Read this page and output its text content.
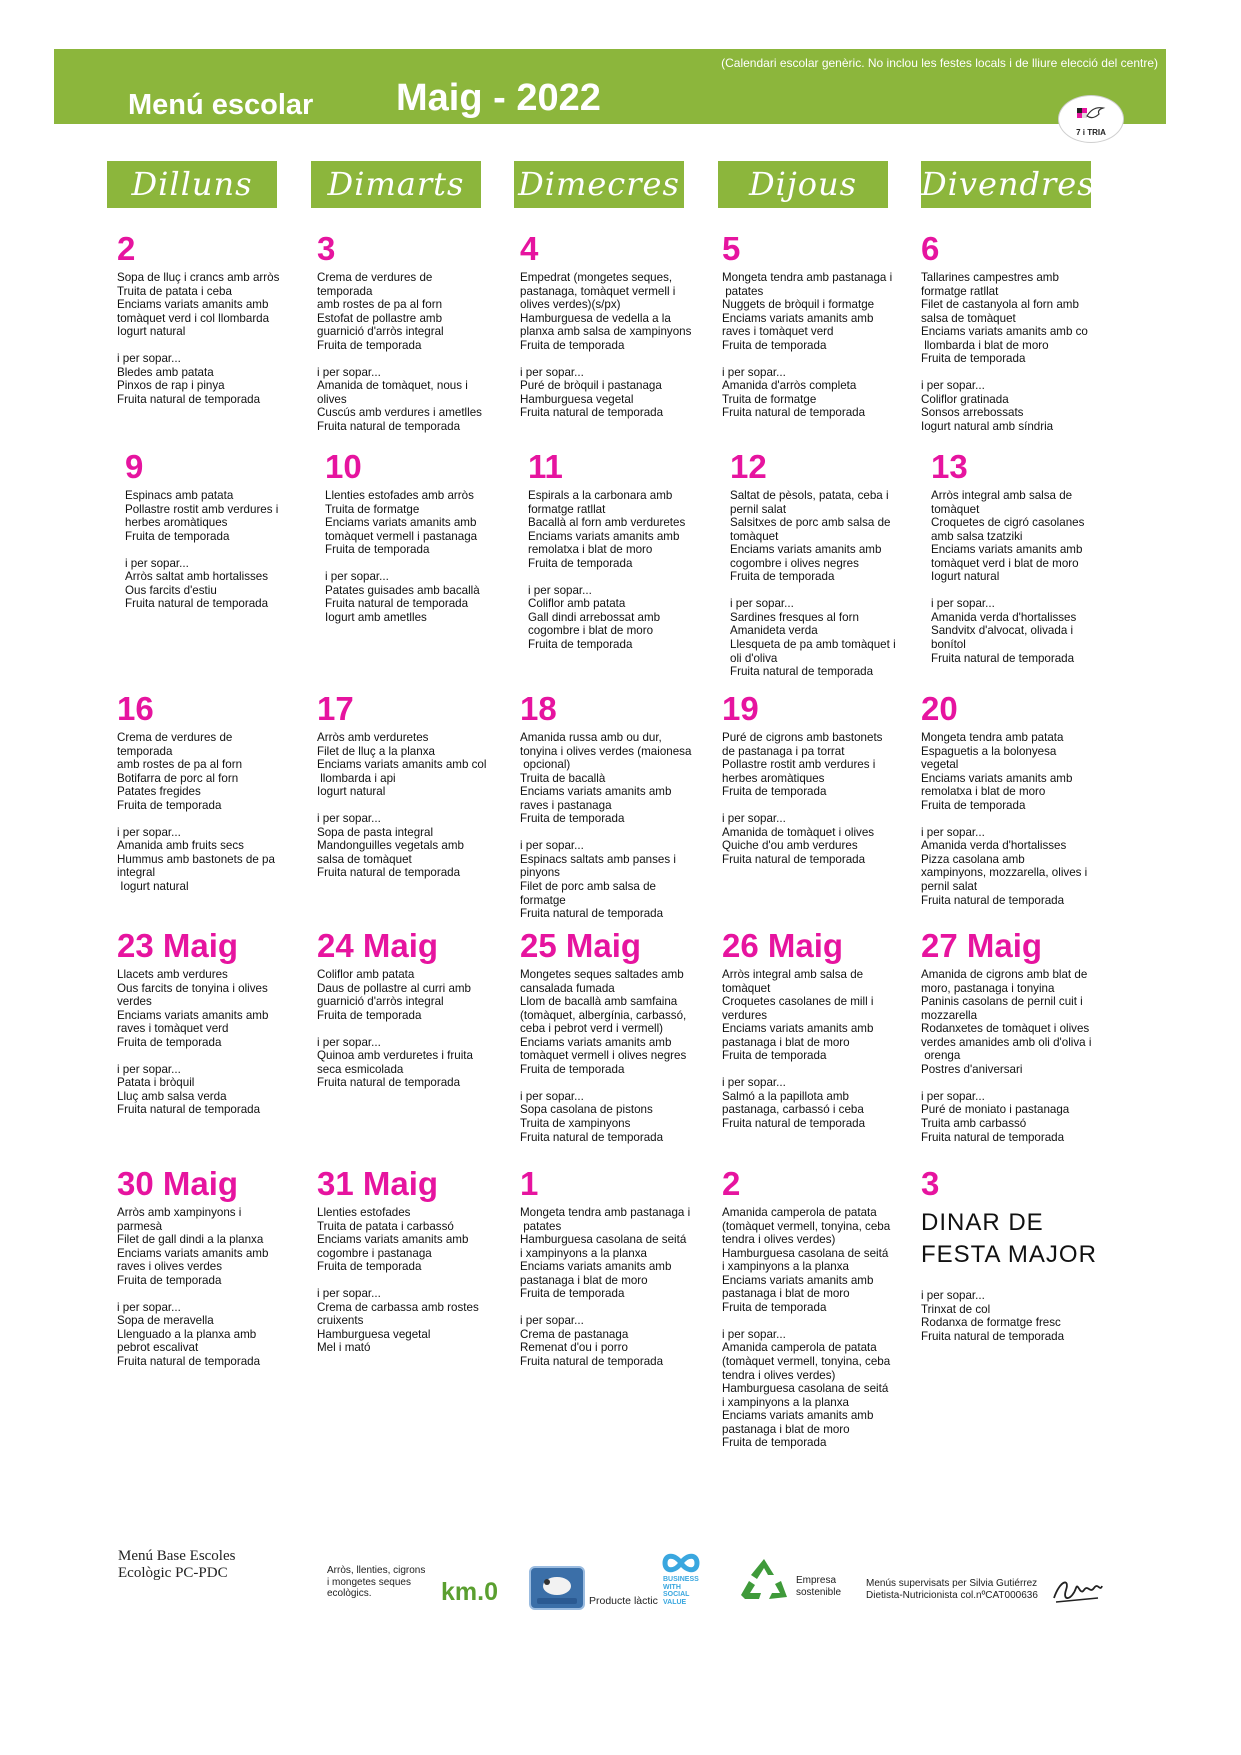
(Calendari escolar genèric. No inclou les festes locals i de lliure elecció del centre)
Menú escolar Maig - 2022
7 i TRIA
Dilluns	Dimarts	Dimecres	Dijous	Divendres
2
Sopa de lluç i crancs amb arròs
Truita de patata i ceba
Enciams variats amanits amb
tomàquet verd i col llombarda
Iogurt natural
i per sopar...
Bledes amb patata
Pinxos de rap i pinya
Fruita natural de temporada
3
Crema de verdures de
temporada
amb rostes de pa al forn
Estofat de pollastre amb
guarnició d'arròs integral
Fruita de temporada
i per sopar...
Amanida de tomàquet, nous i
olives
Cuscús amb verdures i ametlles
Fruita natural de temporada
4
Empedrat (mongetes seques,
pastanaga, tomàquet vermell i
olives verdes)(s/px)
Hamburguesa de vedella a la
planxa amb salsa de xampinyons
Fruita de temporada
i per sopar...
Puré de bròquil i pastanaga
Hamburguesa vegetal
Fruita natural de temporada
5
Mongeta tendra amb pastanaga i
patates
Nuggets de bròquil i formatge
Enciams variats amanits amb
raves i tomàquet verd
Fruita de temporada
i per sopar...
Amanida d'arròs completa
Truita de formatge
Fruita natural de temporada
6
Tallarines campestres amb
formatge ratllat
Filet de castanyola al forn amb
salsa de tomàquet
Enciams variats amanits amb co
llombarda i blat de moro
Fruita de temporada
i per sopar...
Coliflor gratinada
Sonsos arrebossats
Iogurt natural amb síndria
9
Espinacs amb patata
Pollastre rostit amb verdures i
herbes aromàtiques
Fruita de temporada
i per sopar...
Arròs saltat amb hortalisses
Ous farcits d'estiu
Fruita natural de temporada
10
Llenties estofades amb arròs
Truita de formatge
Enciams variats amanits amb
tomàquet vermell i pastanaga
Fruita de temporada
i per sopar...
Patates guisades amb bacallà
Fruita natural de temporada
Iogurt amb ametlles
11
Espirals a la carbonara amb
formatge ratllat
Bacallà al forn amb verduretes
Enciams variats amanits amb
remolatxa i blat de moro
Fruita de temporada
i per sopar...
Coliflor amb patata
Gall dindi arrebossat amb
cogombre i blat de moro
Fruita de temporada
12
Saltat de pèsols, patata, ceba i
pernil salat
Salsitxes de porc amb salsa de
tomàquet
Enciams variats amanits amb
cogombre i olives negres
Fruita de temporada
i per sopar...
Sardines fresques al forn
Amanideta verda
Llesqueta de pa amb tomàquet i
oli d'oliva
Fruita natural de temporada
13
Arròs integral amb salsa de
tomàquet
Croquetes de cigró casolanes
amb salsa tzatziki
Enciams variats amanits amb
tomàquet verd i blat de moro
Iogurt natural
i per sopar...
Amanida verda d'hortalisses
Sandvitx d'alvocat, olivada i
bonítol
Fruita natural de temporada
16
Crema de verdures de
temporada
amb rostes de pa al forn
Botifarra de porc al forn
Patates fregides
Fruita de temporada
i per sopar...
Amanida amb fruits secs
Hummus amb bastonets de pa
integral
Iogurt natural
17
Arròs amb verduretes
Filet de lluç a la planxa
Enciams variats amanits amb col
llombarda i api
Iogurt natural
i per sopar...
Sopa de pasta integral
Mandonguilles vegetals amb
salsa de tomàquet
Fruita natural de temporada
18
Amanida russa amb ou dur,
tonyina i olives verdes (maionesa
opcional)
Truita de bacallà
Enciams variats amanits amb
raves i pastanaga
Fruita de temporada
i per sopar...
Espinacs saltats amb panses i
pinyons
Filet de porc amb salsa de
formatge
Fruita natural de temporada
19
Puré de cigrons amb bastonets
de pastanaga i pa torrat
Pollastre rostit amb verdures i
herbes aromàtiques
Fruita de temporada
i per sopar...
Amanida de tomàquet i olives
Quiche d'ou amb verdures
Fruita natural de temporada
20
Mongeta tendra amb patata
Espaguetis a la bolonyesa
vegetal
Enciams variats amanits amb
remolatxa i blat de moro
Fruita de temporada
i per sopar...
Amanida verda d'hortalisses
Pizza casolana amb
xampinyons, mozzarella, olives i
pernil salat
Fruita natural de temporada
23 Maig
Llacets amb verdures
Ous farcits de tonyina i olives
verdes
Enciams variats amanits amb
raves i tomàquet verd
Fruita de temporada
i per sopar...
Patata i bròquil
Lluç amb salsa verda
Fruita natural de temporada
24 Maig
Coliflor amb patata
Daus de pollastre al curri amb
guarnició d'arròs integral
Fruita de temporada
i per sopar...
Quinoa amb verduretes i fruita
seca esmicolada
Fruita natural de temporada
25 Maig
Mongetes seques saltades amb
cansalada fumada
Llom de bacallà amb samfaina
(tomàquet, albergínia, carbassó,
ceba i pebrot verd i vermell)
Enciams variats amanits amb
tomàquet vermell i olives negres
Fruita de temporada
i per sopar...
Sopa casolana de pistons
Truita de xampinyons
Fruita natural de temporada
26 Maig
Arròs integral amb salsa de
tomàquet
Croquetes casolanes de mill i
verdures
Enciams variats amanits amb
pastanaga i blat de moro
Fruita de temporada
i per sopar...
Salmó a la papillota amb
pastanaga, carbassó i ceba
Fruita natural de temporada
27 Maig
Amanida de cigrons amb blat de
moro, pastanaga i tonyina
Paninis casolans de pernil cuit i
mozzarella
Rodanxetes de tomàquet i olives
verdes amanides amb oli d'oliva i
orenga
Postres d'aniversari
i per sopar...
Puré de moniato i pastanaga
Truita amb carbassó
Fruita natural de temporada
30 Maig
Arròs amb xampinyons i
parmesà
Filet de gall dindi a la planxa
Enciams variats amanits amb
raves i olives verdes
Fruita de temporada
i per sopar...
Sopa de meravella
Llenguado a la planxa amb
pebrot escalivat
Fruita natural de temporada
31 Maig
Llenties estofades
Truita de patata i carbassó
Enciams variats amanits amb
cogombre i pastanaga
Fruita de temporada
i per sopar...
Crema de carbassa amb rostes
cruixents
Hamburguesa vegetal
Mel i mató
1
Mongeta tendra amb pastanaga i
patates
Hamburguesa casolana de seitá
i xampinyons a la planxa
Enciams variats amanits amb
pastanaga i blat de moro
Fruita de temporada
i per sopar...
Crema de pastanaga
Remenat d'ou i porro
Fruita natural de temporada
2
Amanida camperola de patata
(tomàquet vermell, tonyina, ceba
tendra i olives verdes)
Hamburguesa casolana de seitá
i xampinyons a la planxa
Enciams variats amanits amb
pastanaga i blat de moro
Fruita de temporada
i per sopar...
Amanida camperola de patata
(tomàquet vermell, tonyina, ceba
tendra i olives verdes)
Hamburguesa casolana de seitá
i xampinyons a la planxa
Enciams variats amanits amb
pastanaga i blat de moro
Fruita de temporada
3
DINAR DE
FESTA MAJOR
i per sopar...
Trinxat de col
Rodanxa de formatge fresc
Fruita natural de temporada
Menú Base Escoles
Ecològic PC-PDC	Arròs, llenties, cigrons
i mongetes seques
ecològics.	km.0	Producte làctic
BUSINESS
WITH
SOCIAL
VALUE
Empresa
sostenible
Menús supervisats per Silvia Gutiérrez
Dietista-Nutricionista col.nºCAT000636
